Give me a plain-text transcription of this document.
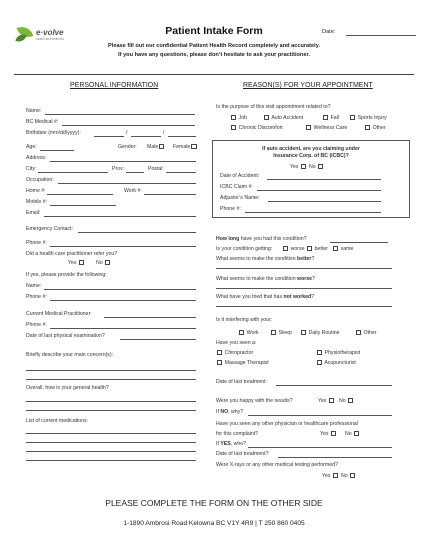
e·volve
health and wellness
Patient Intake Form	Date:
Please fill out our confidential Patient Health Record completely and accurately.
If you have any questions, please don’t hesitate to ask your practitioner.
PERSONAL INFORMATION	REASON(S) FOR YOUR APPOINTMENT
Name:
BC Medical #:
Birthdate (mm/dd/yyyy):	/	/
Age:	Gender: Male	Female
Address:
City:	Prov:	Postal:
Occupation:
Home #:	Work #:
Mobile #:
Email:
Emergency Contact:
Phone #:
Did a health care practitioner refer you?
Yes	No
If yes, please provide the following:
Name:
Phone #:
Current Medical Practitioner:
Phone #:
Date of last physical examination?
Briefly describe your main concern(s):
Overall, how is your general health?
List of current medications:
Is the purpose of this visit appointment related to?
Job	Auto Accident	Fall	Sports Injury
Chronic Discomfort	Wellness Care	Other
If auto accident, are you claiming under
Insurance Corp. of BC (ICBC)?
Yes	No
Date of Accident:
ICBC Claim #:
Adjustor’s Name:
Phone #:
How long have you had this condition?
Is your condition getting:	worse	better	same
What seems to make the condition better?
What seems to make the condition worse?
What have you tried that has not worked?
Is it interfering with your:
Work	Sleep	Daily Routine	Other
Have you seen a:
Chiropractor	Physiotherapist
Massage Therapist	Acupuncturist
Date of last treatment:
Were you happy with the results?	Yes	No
If NO, why?
Have you seen any other physician or healthcare professional
for this complaint?	Yes	No
If YES, who?
Date of last treatment?
Were X-rays or any other medical testing performed?
Yes	No
PLEASE COMPLETE THE FORM ON THE OTHER SIDE
1-1890 Ambrosi Road Kelowna BC V1Y 4R9 | T 250 860 0405
